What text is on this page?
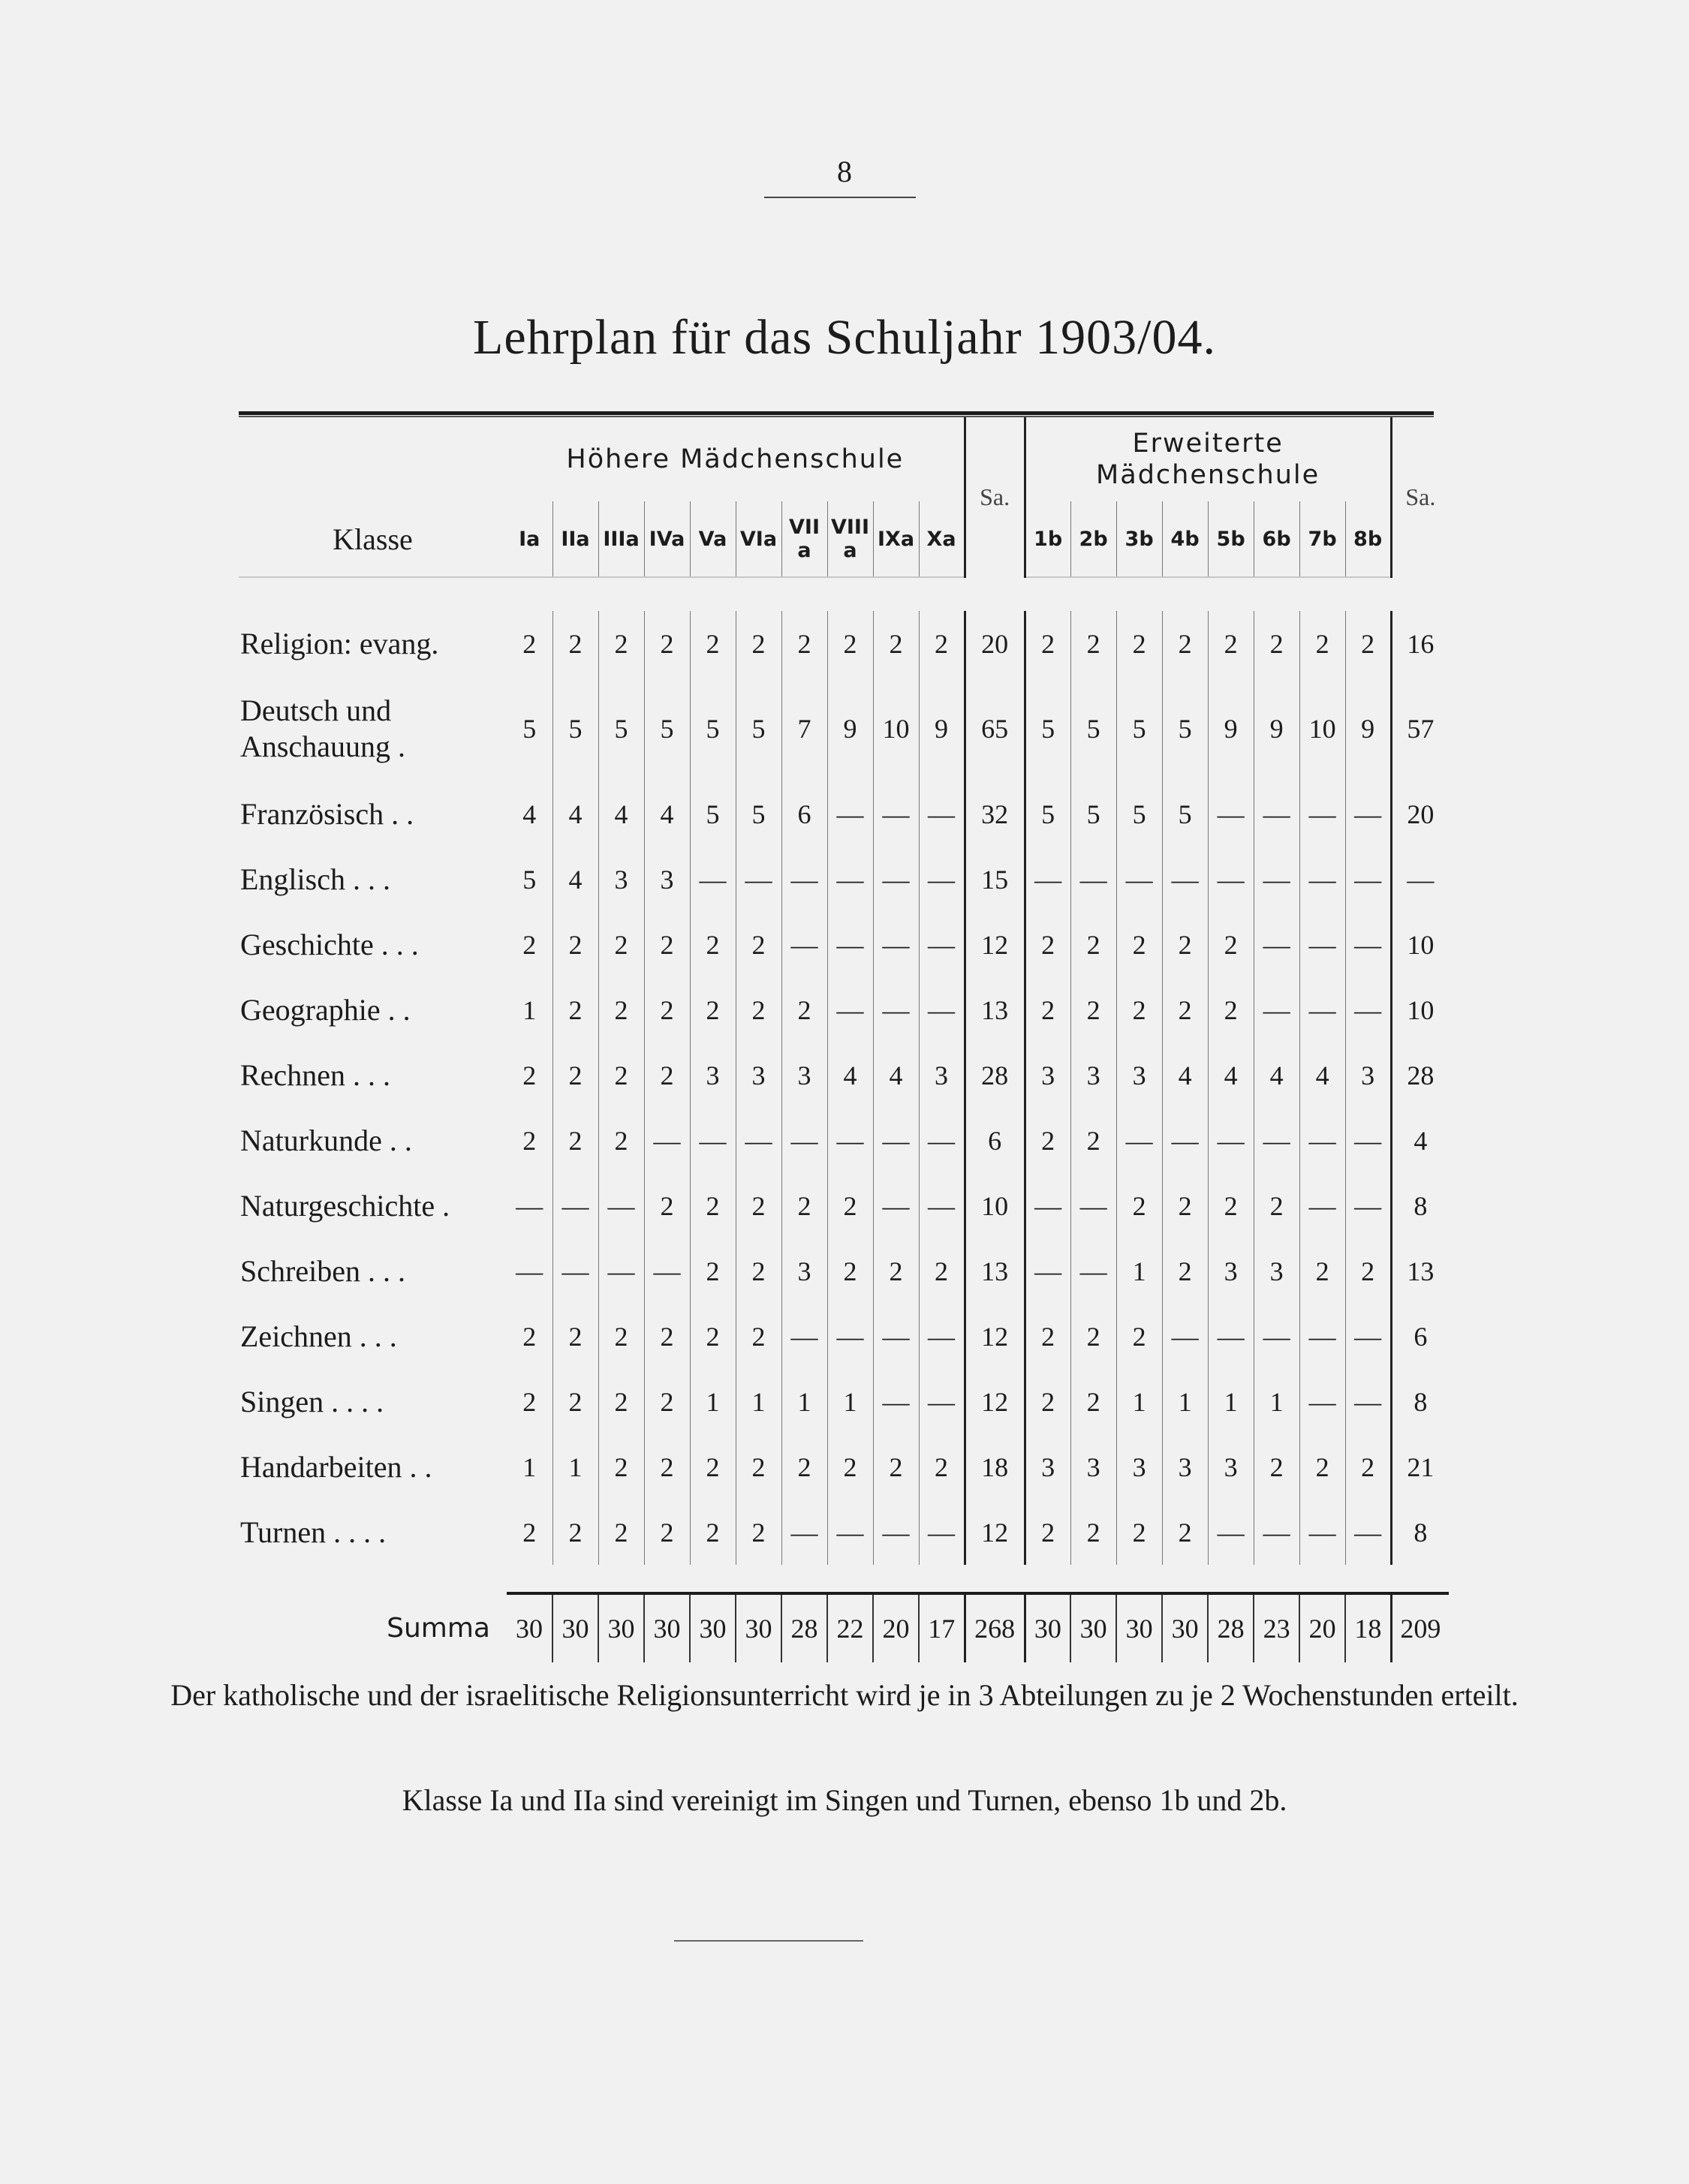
8
Lehrplan für das Schuljahr 1903/04.
	Höhere Mädchenschule										Sa.	Erweiterte Mädchenschule								Sa.
Klasse	Ia	IIa	IIIa	IVa	Va	VIa	VII a	VIII a	IXa	Xa		1b	2b	3b	4b	5b	6b	7b	8b	

Religion: evang.	2	2	2	2	2	2	2	2	2	2	20	2	2	2	2	2	2	2	2	16
Deutsch und Anschauung .	5	5	5	5	5	5	7	9	10	9	65	5	5	5	5	9	9	10	9	57
Französisch . .	4	4	4	4	5	5	6	—	—	—	32	5	5	5	5	—	—	—	—	20
Englisch . . .	5	4	3	3	—	—	—	—	—	—	15	—	—	—	—	—	—	—	—	—
Geschichte . . .	2	2	2	2	2	2	—	—	—	—	12	2	2	2	2	2	—	—	—	10
Geographie . .	1	2	2	2	2	2	2	—	—	—	13	2	2	2	2	2	—	—	—	10
Rechnen . . .	2	2	2	2	3	3	3	4	4	3	28	3	3	3	4	4	4	4	3	28
Naturkunde . .	2	2	2	—	—	—	—	—	—	—	6	2	2	—	—	—	—	—	—	4
Naturgeschichte .	—	—	—	2	2	2	2	2	—	—	10	—	—	2	2	2	2	—	—	8
Schreiben . . .	—	—	—	—	2	2	3	2	2	2	13	—	—	1	2	3	3	2	2	13
Zeichnen . . .	2	2	2	2	2	2	—	—	—	—	12	2	2	2	—	—	—	—	—	6
Singen . . . .	2	2	2	2	1	1	1	1	—	—	12	2	2	1	1	1	1	—	—	8
Handarbeiten . .	1	1	2	2	2	2	2	2	2	2	18	3	3	3	3	3	2	2	2	21
Turnen . . . .	2	2	2	2	2	2	—	—	—	—	12	2	2	2	2	—	—	—	—	8

Summa	30	30	30	30	30	30	28	22	20	17	268	30	30	30	30	28	23	20	18	209
Der katholische und der israelitische Religionsunterricht wird je in 3 Abteilungen zu je 2 Wochenstunden erteilt.
Klasse Ia und IIa sind vereinigt im Singen und Turnen, ebenso 1b und 2b.
